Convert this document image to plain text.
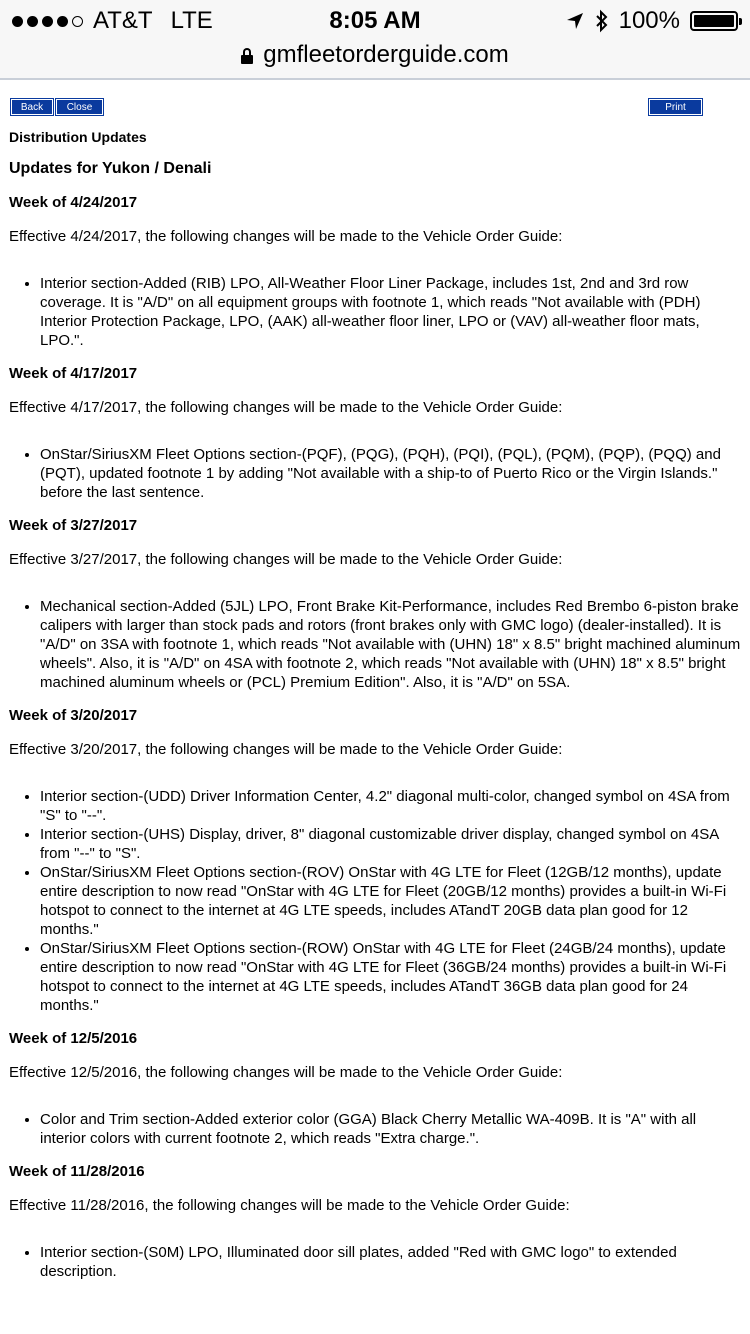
AT&T LTE	8:05 AM	100%
gmfleetorderguide.com
Back	Close	Print
Distribution Updates
Updates for Yukon / Denali
Week of 4/24/2017
Effective 4/24/2017, the following changes will be made to the Vehicle Order Guide:
• Interior section-Added (RIB) LPO, All-Weather Floor Liner Package, includes 1st, 2nd and 3rd row coverage. It is "A/D" on all equipment groups with footnote 1, which reads "Not available with (PDH) Interior Protection Package, LPO, (AAK) all-weather floor liner, LPO or (VAV) all-weather floor mats, LPO.".
Week of 4/17/2017
Effective 4/17/2017, the following changes will be made to the Vehicle Order Guide:
• OnStar/SiriusXM Fleet Options section-(PQF), (PQG), (PQH), (PQI), (PQL), (PQM), (PQP), (PQQ) and (PQT), updated footnote 1 by adding "Not available with a ship-to of Puerto Rico or the Virgin Islands." before the last sentence.
Week of 3/27/2017
Effective 3/27/2017, the following changes will be made to the Vehicle Order Guide:
• Mechanical section-Added (5JL) LPO, Front Brake Kit-Performance, includes Red Brembo 6-piston brake calipers with larger than stock pads and rotors (front brakes only with GMC logo) (dealer-installed). It is "A/D" on 3SA with footnote 1, which reads "Not available with (UHN) 18" x 8.5" bright machined aluminum wheels". Also, it is "A/D" on 4SA with footnote 2, which reads "Not available with (UHN) 18" x 8.5" bright machined aluminum wheels or (PCL) Premium Edition". Also, it is "A/D" on 5SA.
Week of 3/20/2017
Effective 3/20/2017, the following changes will be made to the Vehicle Order Guide:
• Interior section-(UDD) Driver Information Center, 4.2" diagonal multi-color, changed symbol on 4SA from "S" to "--".
• Interior section-(UHS) Display, driver, 8" diagonal customizable driver display, changed symbol on 4SA from "--" to "S".
• OnStar/SiriusXM Fleet Options section-(ROV) OnStar with 4G LTE for Fleet (12GB/12 months), update entire description to now read "OnStar with 4G LTE for Fleet (20GB/12 months) provides a built-in Wi-Fi hotspot to connect to the internet at 4G LTE speeds, includes ATandT 20GB data plan good for 12 months."
• OnStar/SiriusXM Fleet Options section-(ROW) OnStar with 4G LTE for Fleet (24GB/24 months), update entire description to now read "OnStar with 4G LTE for Fleet (36GB/24 months) provides a built-in Wi-Fi hotspot to connect to the internet at 4G LTE speeds, includes ATandT 36GB data plan good for 24 months."
Week of 12/5/2016
Effective 12/5/2016, the following changes will be made to the Vehicle Order Guide:
• Color and Trim section-Added exterior color (GGA) Black Cherry Metallic WA-409B. It is "A" with all interior colors with current footnote 2, which reads "Extra charge.".
Week of 11/28/2016
Effective 11/28/2016, the following changes will be made to the Vehicle Order Guide:
• Interior section-(S0M) LPO, Illuminated door sill plates, added "Red with GMC logo" to extended description.
